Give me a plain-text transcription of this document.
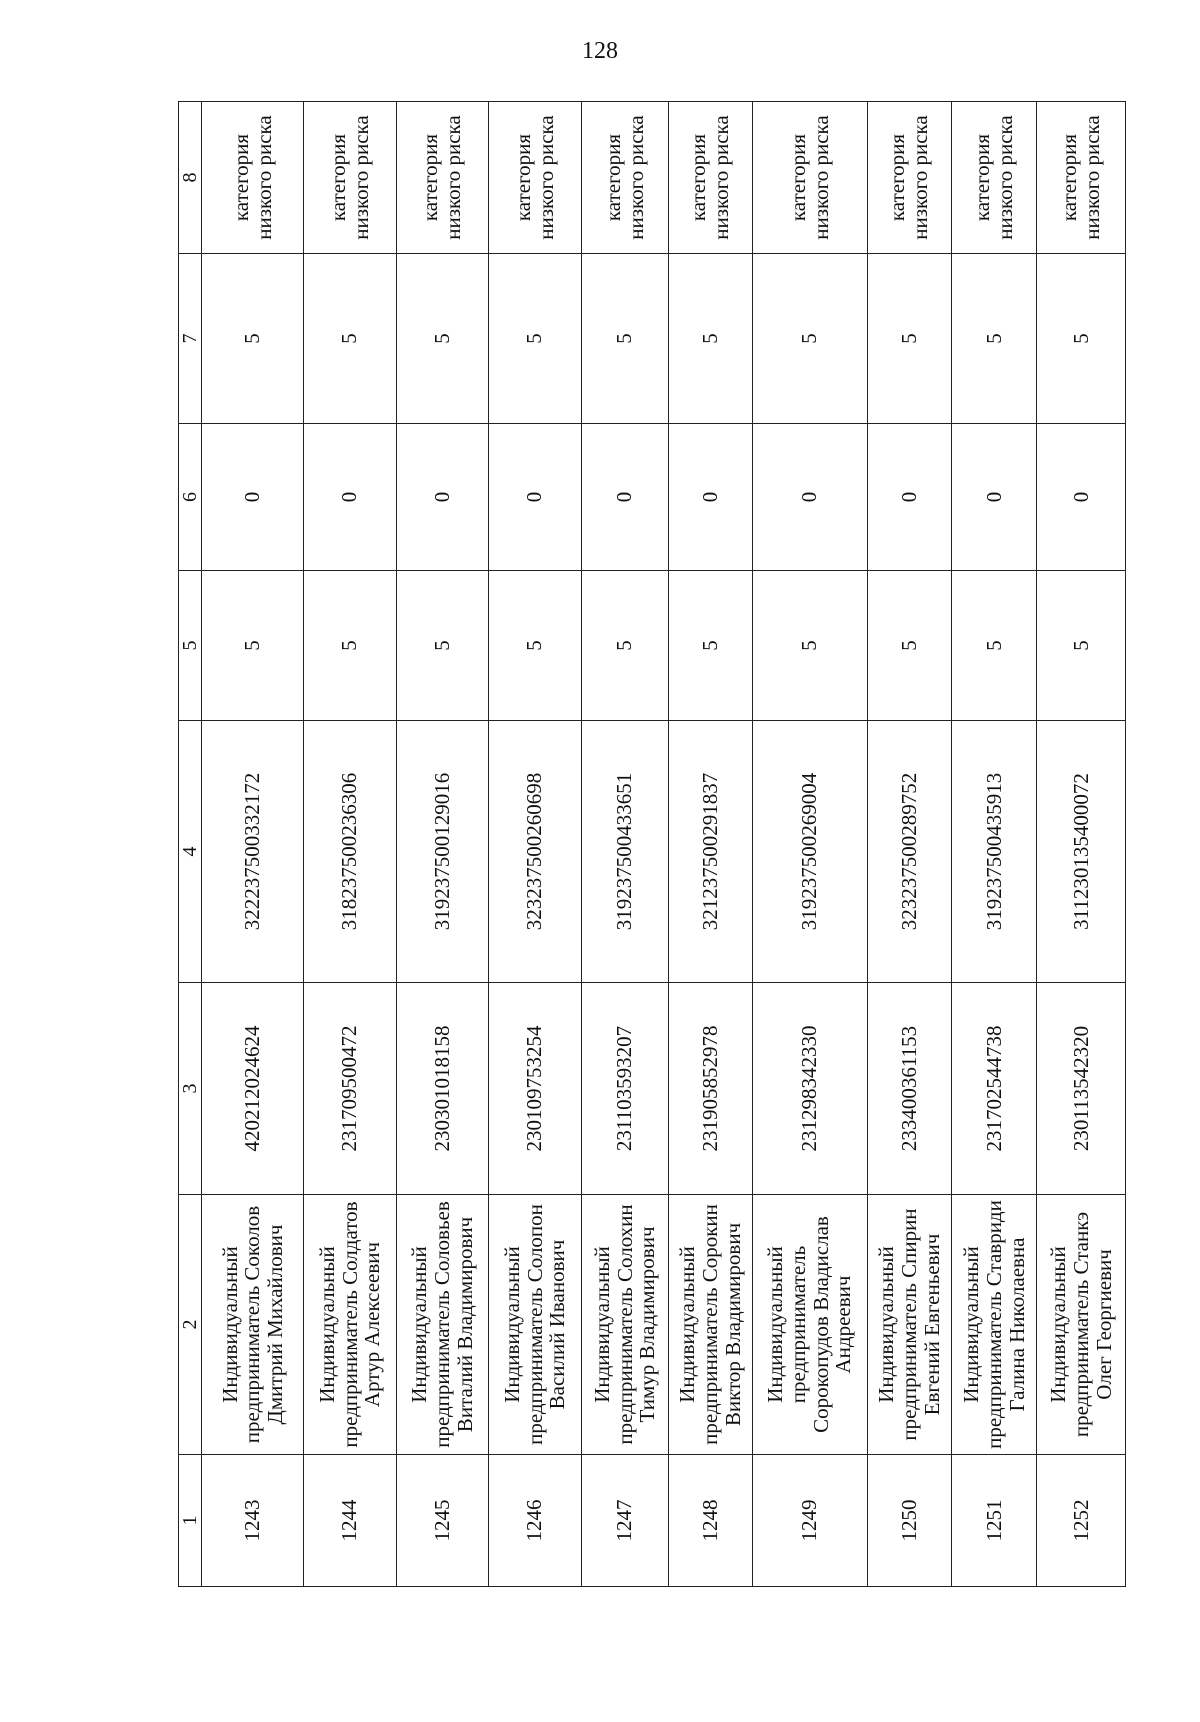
128
1	2	3	4	5	6	7	8
1243	Индивидуальный предприниматель Соколов Дмитрий Михайлович	420212024624	322237500332172	5	0	5	категория низкого риска
1244	Индивидуальный предприниматель Солдатов Артур Алексеевич	231709500472	318237500236306	5	0	5	категория низкого риска
1245	Индивидуальный предприниматель Соловьев Виталий Владимирович	230301018158	319237500129016	5	0	5	категория низкого риска
1246	Индивидуальный предприниматель Солопон Василий Иванович	230109753254	323237500260698	5	0	5	категория низкого риска
1247	Индивидуальный предприниматель Солохин Тимур Владимирович	231103593207	319237500433651	5	0	5	категория низкого риска
1248	Индивидуальный предприниматель Сорокин Виктор Владимирович	231905852978	321237500291837	5	0	5	категория низкого риска
1249	Индивидуальный предприниматель Сорокопудов Владислав Андреевич	231298342330	319237500269004	5	0	5	категория низкого риска
1250	Индивидуальный предприниматель Спирин Евгений Евгеньевич	233400361153	323237500289752	5	0	5	категория низкого риска
1251	Индивидуальный предприниматель Ставриди Галина Николаевна	231702544738	319237500435913	5	0	5	категория низкого риска
1252	Индивидуальный предприниматель Станкэ Олег Георгиевич	230113542320	311230135400072	5	0	5	категория низкого риска
